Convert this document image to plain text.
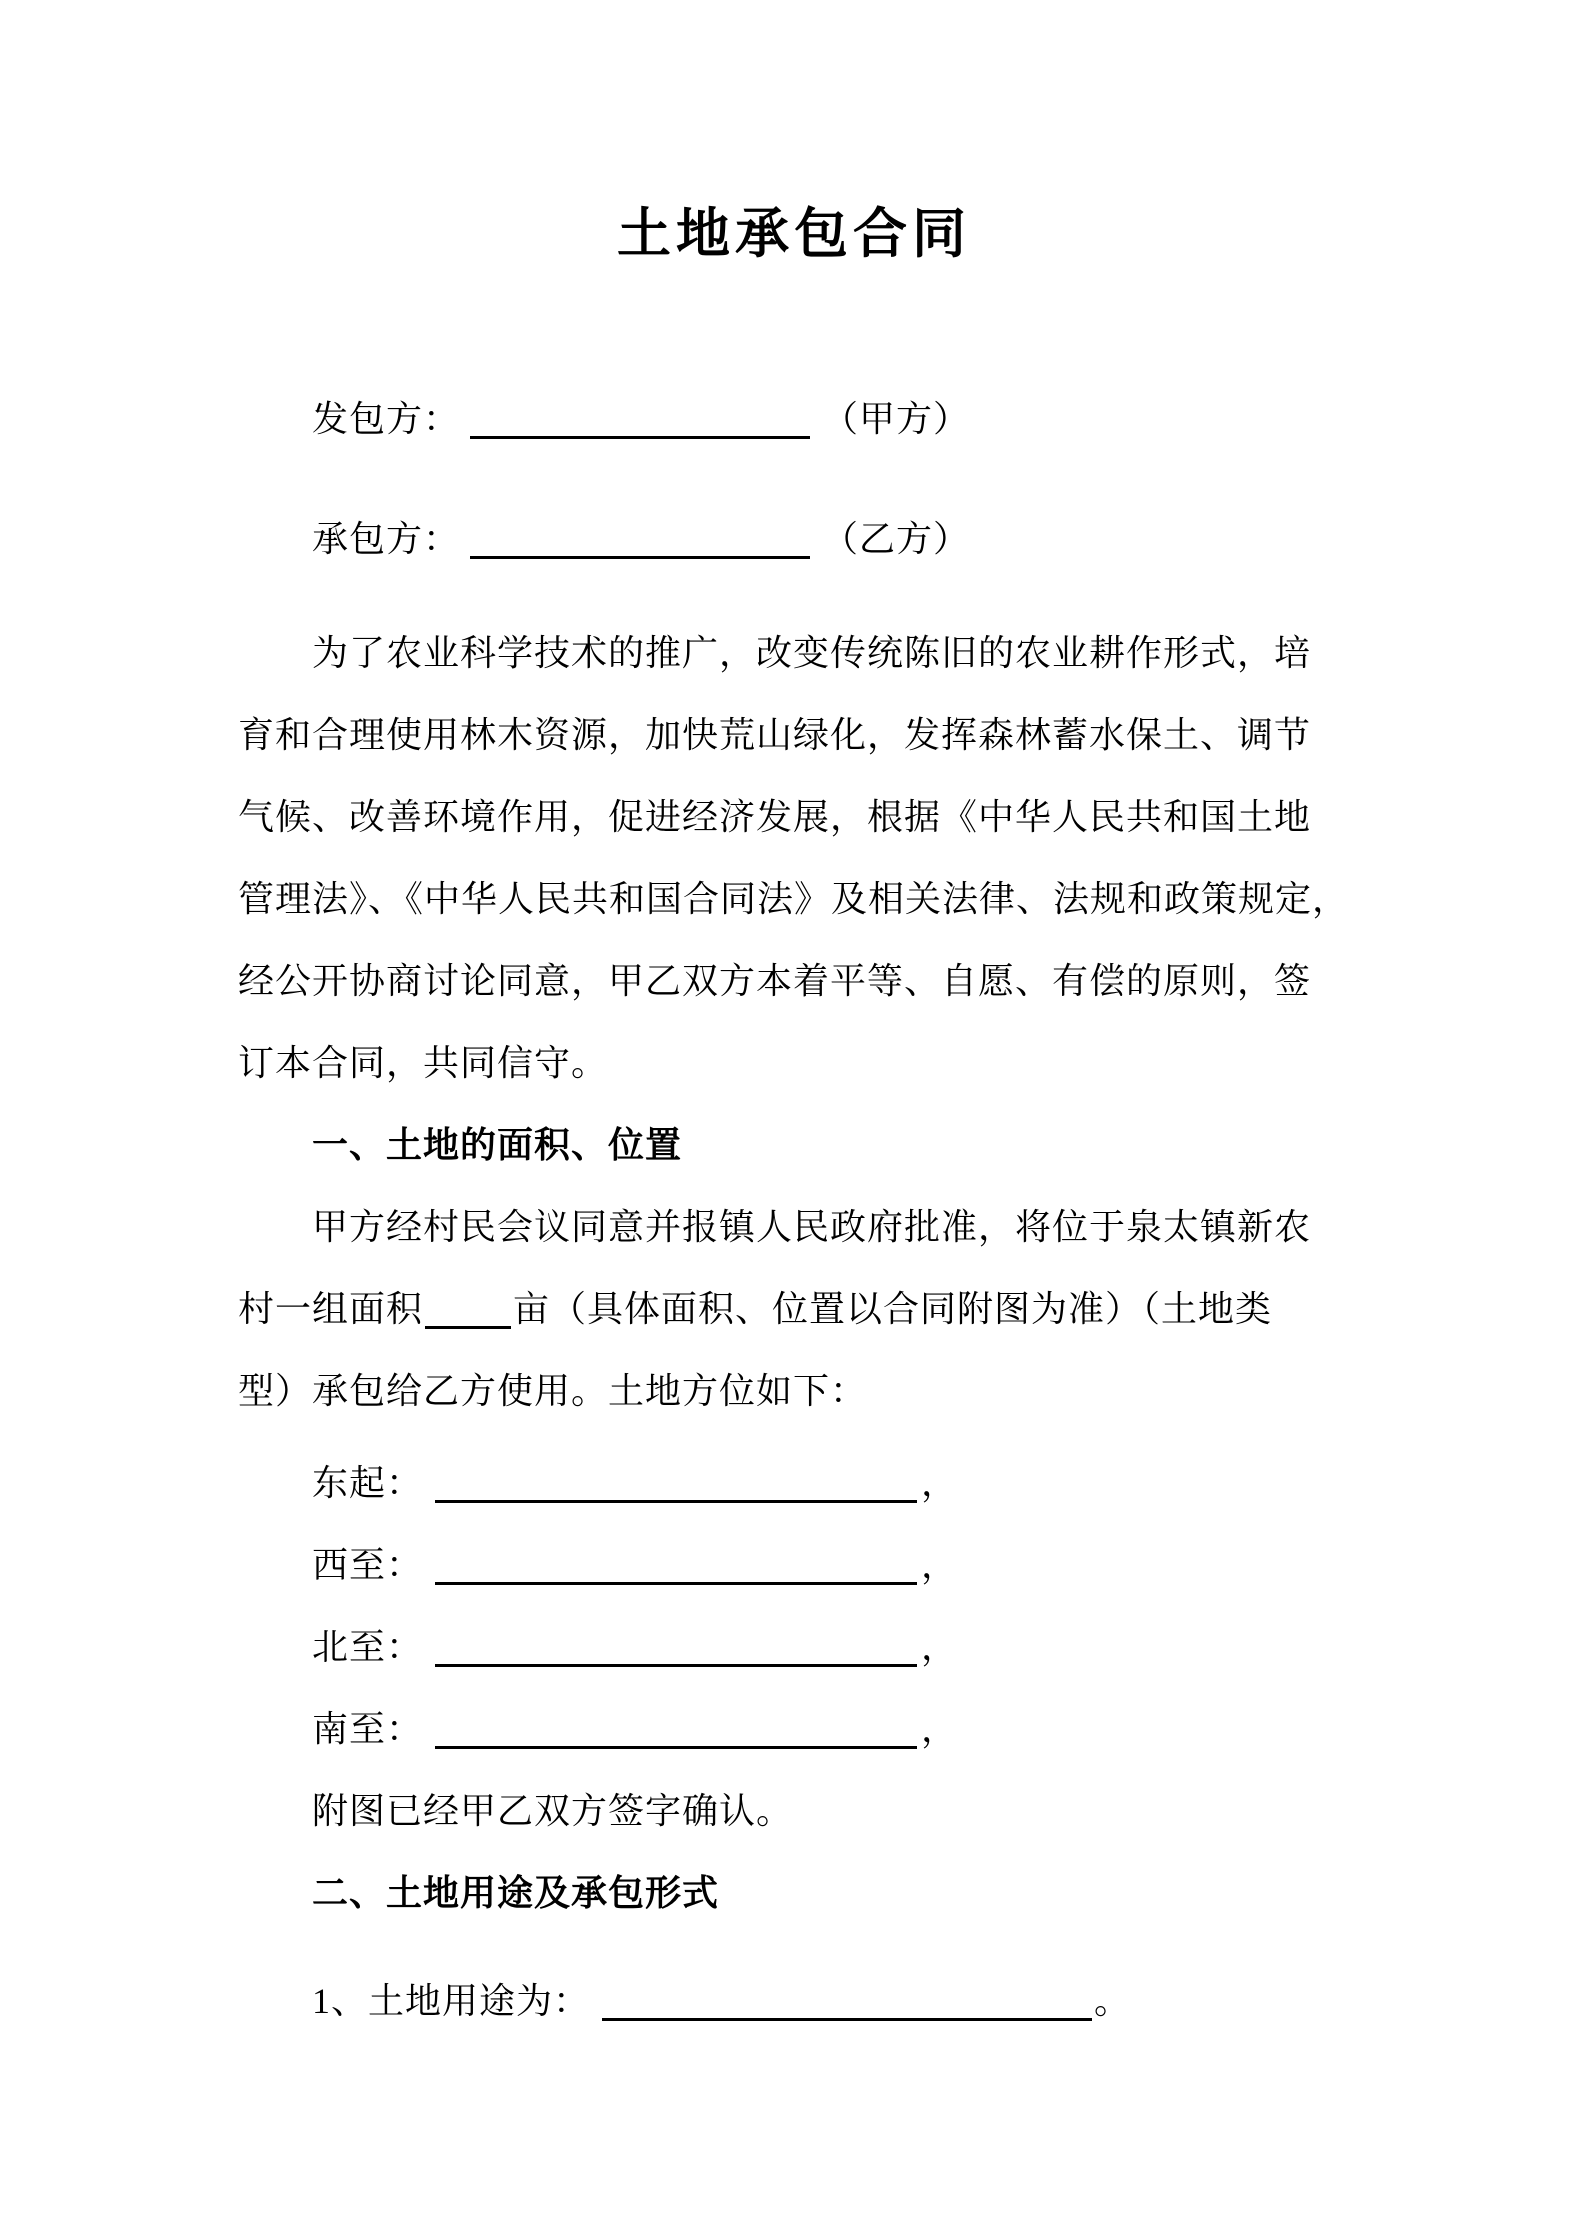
土地承包合同
发包方：	（甲方）
承包方：	（乙方）
为了农业科学技术的推广，改变传统陈旧的农业耕作形式，培
育和合理使用林木资源，加快荒山绿化，发挥森林蓄水保土、调节
气候、改善环境作用，促进经济发展，根据《中华人民共和国土地
管理法》、《中华人民共和国合同法》及相关法律、法规和政策规定，
经公开协商讨论同意，甲乙双方本着平等、自愿、有偿的原则，签
订本合同，共同信守。
一、土地的面积、位置
甲方经村民会议同意并报镇人民政府批准，将位于泉太镇新农
村一组面积	亩（具体面积、位置以合同附图为准）（土地类
型）承包给乙方使用。土地方位如下：
东起：	，
西至：	，
北至：	，
南至：	，
附图已经甲乙双方签字确认。
二、土地用途及承包形式
1、土地用途为：	。
